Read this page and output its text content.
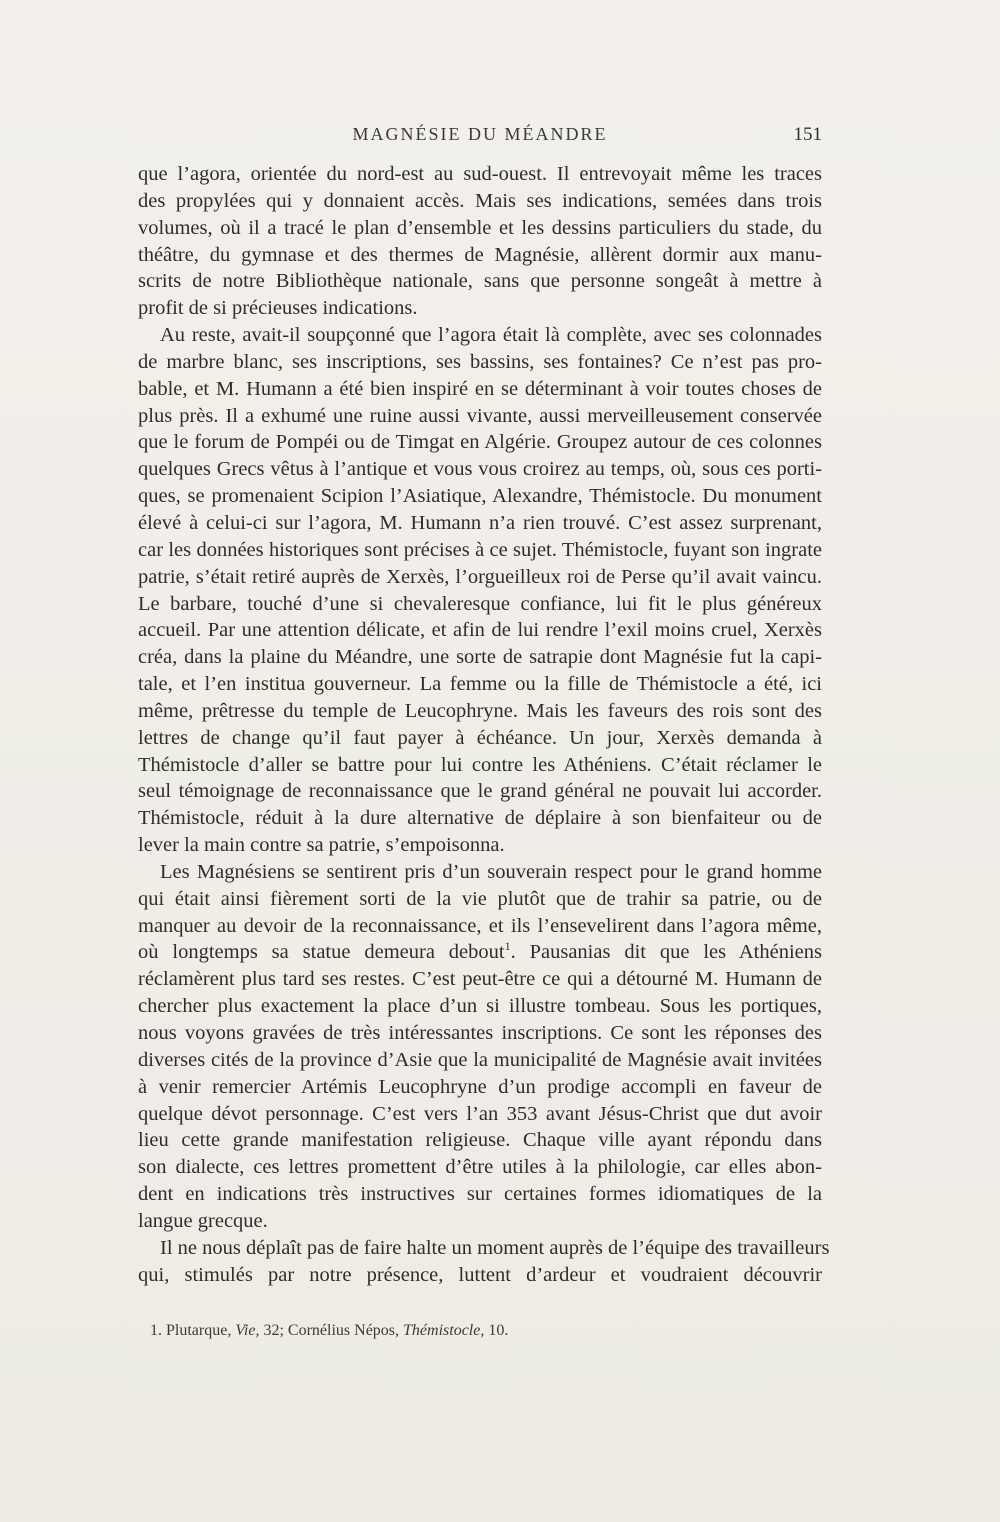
MAGNÉSIE DU MÉANDRE	151

que l’agora, orientée du nord-est au sud-ouest. Il entrevoyait même les traces
des propylées qui y donnaient accès. Mais ses indications, semées dans trois
volumes, où il a tracé le plan d’ensemble et les dessins particuliers du stade, du
théâtre, du gymnase et des thermes de Magnésie, allèrent dormir aux manu-
scrits de notre Bibliothèque nationale, sans que personne songeât à mettre à
profit de si précieuses indications.

Au reste, avait-il soupçonné que l’agora était là complète, avec ses colonnades
de marbre blanc, ses inscriptions, ses bassins, ses fontaines? Ce n’est pas pro-
bable, et M. Humann a été bien inspiré en se déterminant à voir toutes choses de
plus près. Il a exhumé une ruine aussi vivante, aussi merveilleusement conservée
que le forum de Pompéi ou de Timgat en Algérie. Groupez autour de ces colonnes
quelques Grecs vêtus à l’antique et vous vous croirez au temps, où, sous ces porti-
ques, se promenaient Scipion l’Asiatique, Alexandre, Thémistocle. Du monument
élevé à celui-ci sur l’agora, M. Humann n’a rien trouvé. C’est assez surprenant,
car les données historiques sont précises à ce sujet. Thémistocle, fuyant son ingrate
patrie, s’était retiré auprès de Xerxès, l’orgueilleux roi de Perse qu’il avait vaincu.
Le barbare, touché d’une si chevaleresque confiance, lui fit le plus généreux
accueil. Par une attention délicate, et afin de lui rendre l’exil moins cruel, Xerxès
créa, dans la plaine du Méandre, une sorte de satrapie dont Magnésie fut la capi-
tale, et l’en institua gouverneur. La femme ou la fille de Thémistocle a été, ici
même, prêtresse du temple de Leucophryne. Mais les faveurs des rois sont des
lettres de change qu’il faut payer à échéance. Un jour, Xerxès demanda à
Thémistocle d’aller se battre pour lui contre les Athéniens. C’était réclamer le
seul témoignage de reconnaissance que le grand général ne pouvait lui accorder.
Thémistocle, réduit à la dure alternative de déplaire à son bienfaiteur ou de
lever la main contre sa patrie, s’empoisonna.

Les Magnésiens se sentirent pris d’un souverain respect pour le grand homme
qui était ainsi fièrement sorti de la vie plutôt que de trahir sa patrie, ou de
manquer au devoir de la reconnaissance, et ils l’ensevelirent dans l’agora même,
où longtemps sa statue demeura debout$^1$. Pausanias dit que les Athéniens
réclamèrent plus tard ses restes. C’est peut-être ce qui a détourné M. Humann de
chercher plus exactement la place d’un si illustre tombeau. Sous les portiques,
nous voyons gravées de très intéressantes inscriptions. Ce sont les réponses des
diverses cités de la province d’Asie que la municipalité de Magnésie avait invitées
à venir remercier Artémis Leucophryne d’un prodige accompli en faveur de
quelque dévot personnage. C’est vers l’an 353 avant Jésus-Christ que dut avoir
lieu cette grande manifestation religieuse. Chaque ville ayant répondu dans
son dialecte, ces lettres promettent d’être utiles à la philologie, car elles abon-
dent en indications très instructives sur certaines formes idiomatiques de la
langue grecque.

Il ne nous déplaît pas de faire halte un moment auprès de l’équipe des travailleurs
qui, stimulés par notre présence, luttent d’ardeur et voudraient découvrir

1. Plutarque, Vie, 32; Cornélius Népos, Thémistocle, 10.
